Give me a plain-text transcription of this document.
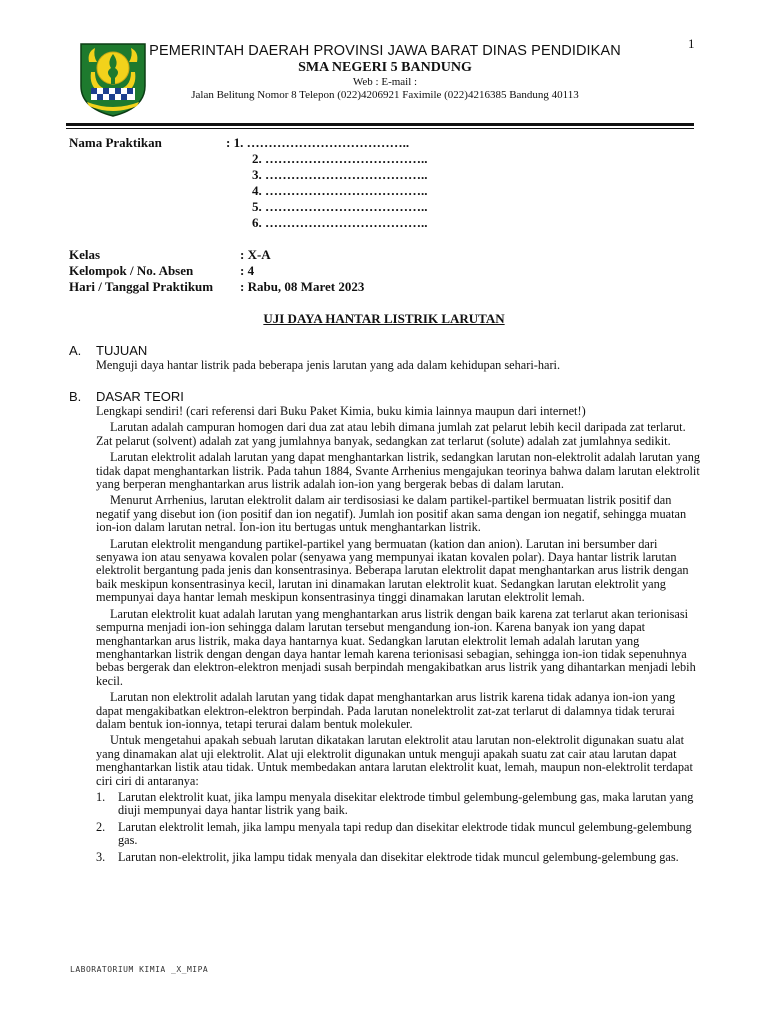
1
PEMERINTAH DAERAH PROVINSI JAWA BARAT DINAS PENDIDIKAN
SMA NEGERI 5 BANDUNG
Web : E-mail :
Jalan Belitung Nomor 8 Telepon (022)4206921 Faximile (022)4216385 Bandung 40113
Nama Praktikan	: 1. ………………………………..
2. ………………………………..
3. ………………………………..
4. ………………………………..
5. ………………………………..
6. ………………………………..
Kelas	: X-A
Kelompok / No. Absen	: 4
Hari / Tanggal Praktikum : Rabu, 08 Maret 2023
UJI DAYA HANTAR LISTRIK LARUTAN
A. TUJUAN
Menguji daya hantar listrik pada beberapa jenis larutan yang ada dalam kehidupan sehari-hari.
B. DASAR TEORI

Lengkapi sendiri! (cari referensi dari Buku Paket Kimia, buku kimia lainnya maupun dari internet!)

Larutan adalah campuran homogen dari dua zat atau lebih dimana jumlah zat pelarut lebih kecil daripada zat terlarut. Zat pelarut (solvent) adalah zat yang jumlahnya banyak, sedangkan zat terlarut (solute) adalah zat jumlahnya sedikit.

Larutan elektrolit adalah larutan yang dapat menghantarkan listrik, sedangkan larutan non-elektrolit adalah larutan yang tidak dapat menghantarkan listrik. Pada tahun 1884, Svante Arrhenius mengajukan teorinya bahwa dalam larutan elektrolit yang berperan menghantarkan arus listrik adalah ion-ion yang bergerak bebas di dalam larutan.

Menurut Arrhenius, larutan elektrolit dalam air terdisosiasi ke dalam partikel-partikel bermuatan listrik positif dan negatif yang disebut ion (ion positif dan ion negatif). Jumlah ion positif akan sama dengan ion negatif, sehingga muatan ion-ion dalam larutan netral. Ion-ion itu bertugas untuk menghantarkan listrik.

Larutan elektrolit mengandung partikel-partikel yang bermuatan (kation dan anion). Larutan ini bersumber dari senyawa ion atau senyawa kovalen polar (senyawa yang mempunyai ikatan kovalen polar). Daya hantar listrik larutan elektrolit bergantung pada jenis dan konsentrasinya. Beberapa larutan elektrolit dapat menghantarkan arus listrik dengan baik meskipun konsentrasinya kecil, larutan ini dinamakan larutan elektrolit kuat. Sedangkan larutan elektrolit yang mempunyai daya hantar lemah meskipun konsentrasinya tinggi dinamakan larutan elektrolit lemah.

Larutan elektrolit kuat adalah larutan yang menghantarkan arus listrik dengan baik karena zat terlarut akan terionisasi sempurna menjadi ion-ion sehingga dalam larutan tersebut mengandung ion-ion. Karena banyak ion yang dapat menghantarkan arus listrik, maka daya hantarnya kuat. Sedangkan larutan elektrolit lemah adalah larutan yang menghantarkan listrik dengan dengan daya hantar lemah karena terionisasi sebagian, sehingga ion-ion tidak sepenuhnya bebas bergerak dan elektron-elektron menjadi susah berpindah mengakibatkan arus listrik yang dihantarkan menjadi lebih kecil.

Larutan non elektrolit adalah larutan yang tidak dapat menghantarkan arus listrik karena tidak adanya ion-ion yang dapat mengakibatkan elektron-elektron berpindah. Pada larutan nonelektrolit zat-zat terlarut di dalamnya tidak terurai dalam bentuk ion-ionnya, tetapi terurai dalam bentuk molekuler.

Untuk mengetahui apakah sebuah larutan dikatakan larutan elektrolit atau larutan non-elektrolit digunakan suatu alat yang dinamakan alat uji elektrolit. Alat uji elektrolit digunakan untuk menguji apakah suatu zat cair atau larutan dapat menghantarkan listik atau tidak. Untuk membedakan antara larutan elektrolit kuat, lemah, maupun non-elektrolit terdapat ciri ciri di antaranya:

1. Larutan elektrolit kuat, jika lampu menyala disekitar elektrode timbul gelembung-gelembung gas, maka larutan yang diuji mempunyai daya hantar listrik yang baik.
2. Larutan elektrolit lemah, jika lampu menyala tapi redup dan disekitar elektrode tidak muncul gelembung-gelembung gas.
3. Larutan non-elektrolit, jika lampu tidak menyala dan disekitar elektrode tidak muncul gelembung-gelembung gas.
LABORATORIUM KIMIA _X_MIPA
